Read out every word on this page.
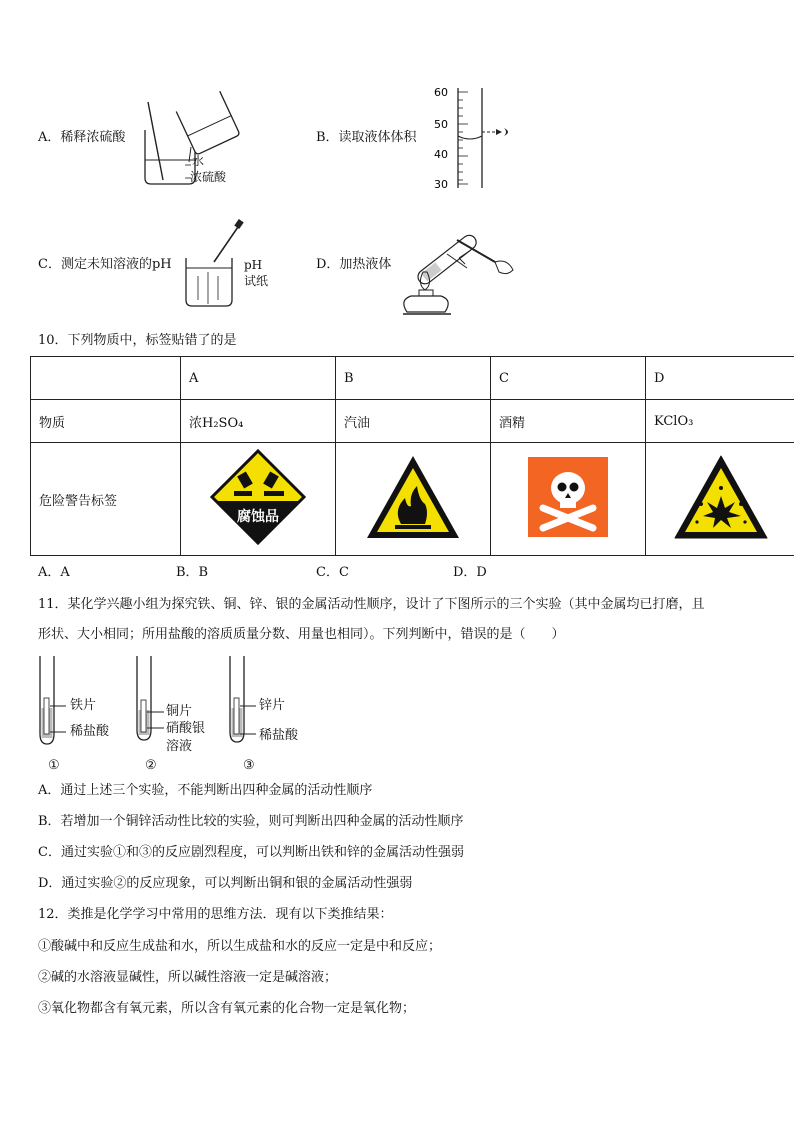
A．稀释浓硫酸
水
浓硫酸
B．读取液体体积
60
50
40
30
C．测定未知溶液的pH	pH
试纸
D．加热液体
10．下列物质中，标签贴错了的是
	A	B	C	D
物质	浓H₂SO₄	汽油	酒精	KClO₃
危险警告标签	腐蚀品

A．A	B．B	C．C	D．D
11．某化学兴趣小组为探究铁、铜、锌、银的金属活动性顺序，设计了下图所示的三个实验（其中金属均已打磨，且
形状、大小相同；所用盐酸的溶质质量分数、用量也相同）。下列判断中，错误的是（　　）
铁片
稀盐酸
①
铜片
硝酸银
溶液
②
锌片
稀盐酸
③
A．通过上述三个实验，不能判断出四种金属的活动性顺序
B．若增加一个铜锌活动性比较的实验，则可判断出四种金属的活动性顺序
C．通过实验①和③的反应剧烈程度，可以判断出铁和锌的金属活动性强弱
D．通过实验②的反应现象，可以判断出铜和银的金属活动性强弱
12．类推是化学学习中常用的思维方法．现有以下类推结果：
①酸碱中和反应生成盐和水，所以生成盐和水的反应一定是中和反应；
②碱的水溶液显碱性，所以碱性溶液一定是碱溶液；
③氧化物都含有氧元素，所以含有氧元素的化合物一定是氧化物；
